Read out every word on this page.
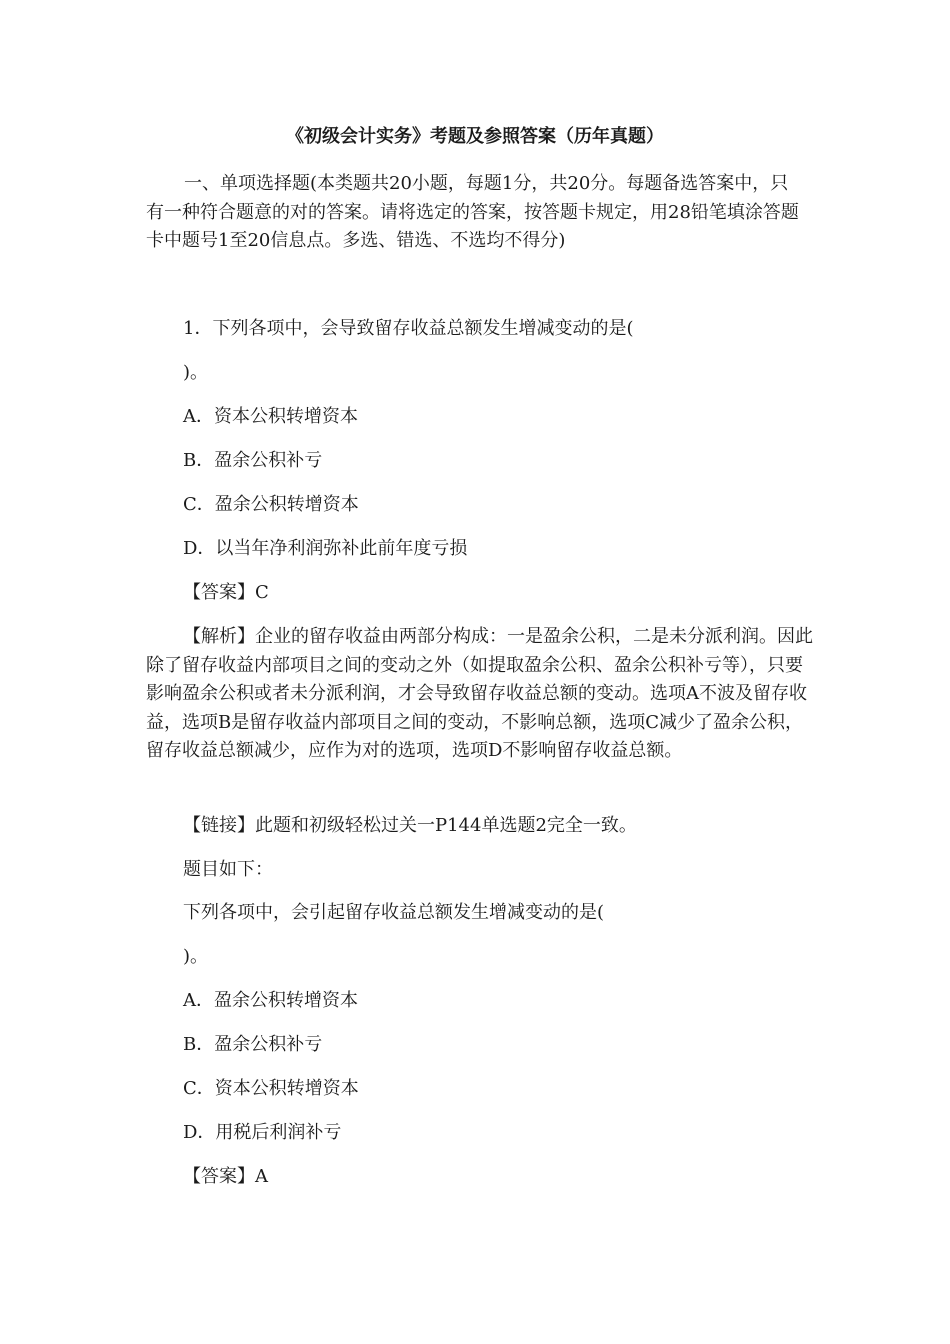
《初级会计实务》考题及参照答案（历年真题）
一、单项选择题(本类题共20小题，每题1分，共20分。每题备选答案中，只有一种符合题意的对的答案。请将选定的答案，按答题卡规定，用28铅笔填涂答题卡中题号1至20信息点。多选、错选、不选均不得分)
1．下列各项中，会导致留存收益总额发生增减变动的是(
)。
A．资本公积转增资本
B．盈余公积补亏
C．盈余公积转增资本
D．以当年净利润弥补此前年度亏损
【答案】C
【解析】企业的留存收益由两部分构成：一是盈余公积，二是未分派利润。因此除了留存收益内部项目之间的变动之外（如提取盈余公积、盈余公积补亏等），只要影响盈余公积或者未分派利润，才会导致留存收益总额的变动。选项A不波及留存收益，选项B是留存收益内部项目之间的变动，不影响总额，选项C减少了盈余公积，留存收益总额减少，应作为对的选项，选项D不影响留存收益总额。
【链接】此题和初级轻松过关一P144单选题2完全一致。
题目如下：
下列各项中，会引起留存收益总额发生增减变动的是(
)。
A．盈余公积转增资本
B．盈余公积补亏
C．资本公积转增资本
D．用税后利润补亏
【答案】A
